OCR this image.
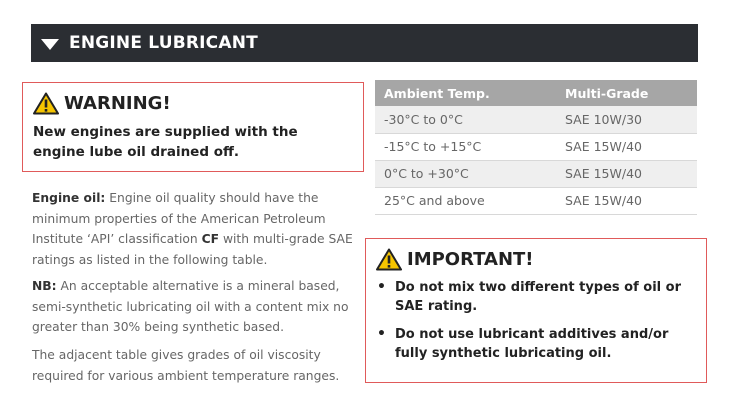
ENGINE LUBRICANT
WARNING!
New engines are supplied with the engine lube oil drained off.

Engine oil: Engine oil quality should have the minimum properties of the American Petroleum Institute ‘API’ classification CF with multi-grade SAE ratings as listed in the following table.

NB: An acceptable alternative is a mineral based, semi-synthetic lubricating oil with a content mix no greater than 30% being synthetic based.

The adjacent table gives grades of oil viscosity required for various ambient temperature ranges.

Ambient Temp.	Multi-Grade
-30°C to 0°C	SAE 10W/30
-15°C to +15°C	SAE 15W/40
0°C to +30°C	SAE 15W/40
25°C and above	SAE 15W/40
IMPORTANT!
• Do not mix two different types of oil or SAE rating.
• Do not use lubricant additives and/or fully synthetic lubricating oil.
